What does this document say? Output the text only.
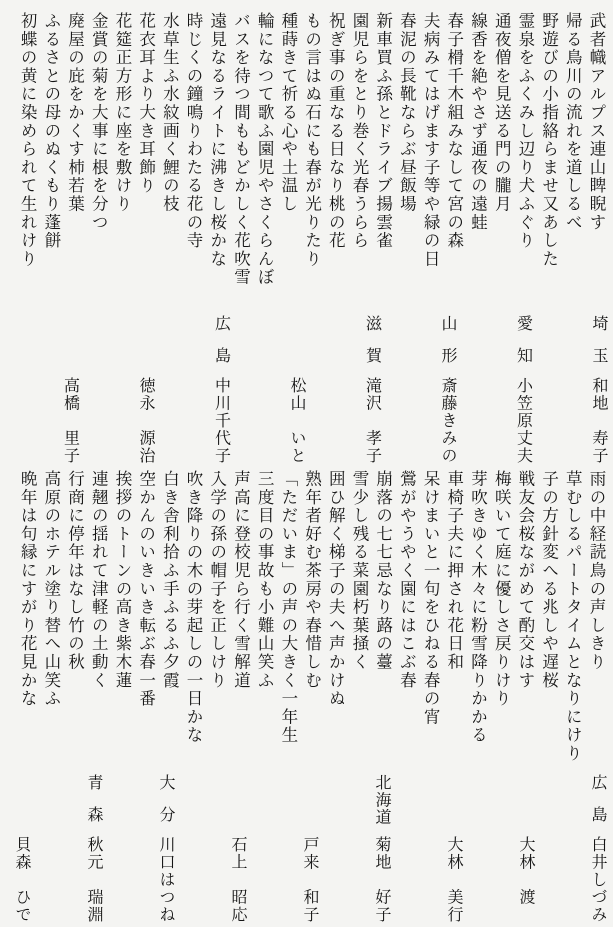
武者幟アルプス連山睥睨す
帰る鳥川の流れを道しるべ
野遊びの小指絡らませ又あした
霊泉をふくみし辺り犬ふぐり
通夜僧を見送る門の朧月
線香を絶やさず通夜の遠蛙
春子榾千木組みなして宮の森
夫病みてはげます子等や緑の日
春泥の長靴ならぶ昼飯場
新車買ふ孫とドライブ揚雲雀
園児らをとり巻く光春うらら
祝ぎ事の重なる日なり桃の花
もの言はぬ石にも春が光りたり
種蒔きて祈る心や土温し
輪になつて歌ふ園児やさくらんぼ
バスを待つ間ももどかしく花吹雪
遠見なるライトに沸きし桜かな
時じくの鐘鳴りわたる花の寺
水草生ふ水紋画く鯉の枝
花衣耳より大き耳飾り
花筵正方形に座を敷けり
金賞の菊を大事に根を分つ
廃屋の庇をかくす柿若葉
ふるさとの母のぬくもり蓬餅
初蝶の黄に染められて生れけり
埼玉和地　寿子
愛知小笠原丈夫
山形斎藤きみの
滋賀滝沢　孝子
松山　いと
広島中川千代子
徳永　源治
高橋　里子
雨の中経読鳥の声しきり
草むしるパートタイムとなりにけり
子の方針変へる兆しや遅桜
戦友会桜ながめて酌交はす
梅咲いて庭に優しさ戻りけり
芽吹きゆく木々に粉雪降りかかる
車椅子夫に押され花日和
呆けまいと一句をひねる春の宵
鶯がやうやく園にはこぶ春
崩落の七七忌なり蕗の薹
雪少し残る菜園朽葉掻く
囲ひ解く梯子の夫へ声かけぬ
熟年者好む茶房や春惜しむ
「ただいま」の声の大きく一年生
三度目の事故も小難山笑ふ
声高に登校児ら行く雪解道
入学の孫の帽子を正しけり
吹き降りの木の芽起しの一日かな
白き舎利拾ふ手ふるふ夕霞
空かんのいきいき転ぶ春一番
挨拶のトーンの高き紫木蓮
連翹の揺れて津軽の土動く
行商に停年はなし竹の秋
高原のホテル塗り替へ山笑ふ
晩年は句縁にすがり花見かな
広島白井しづみ
大林　渡
大林　美行
北海道菊地　好子
戸来　和子
石上　昭応
大分川口はつね
青森秋元　瑞淵
貝森　ひで
